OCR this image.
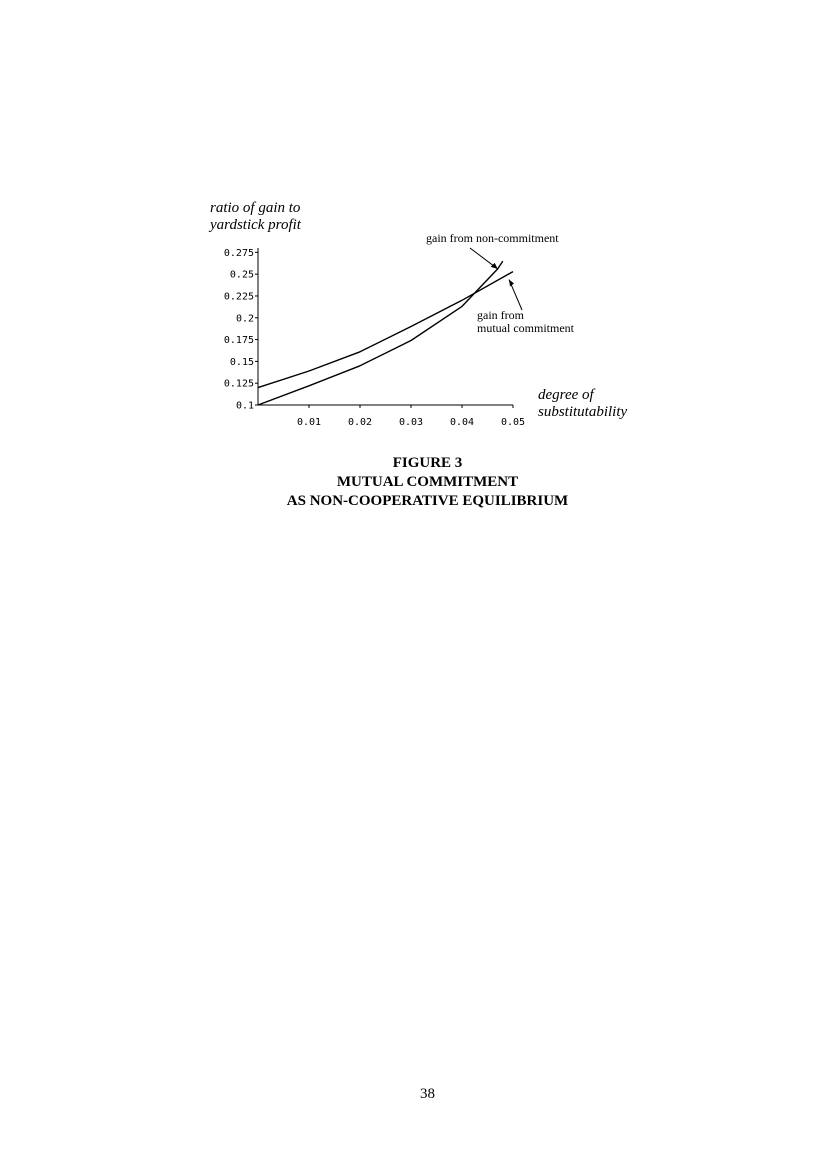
0.01	0.02	0.03	0.04	0.05
0.1
0.125
0.15
0.175
0.2
0.225
0.25
0.275
ratio of gain to
yardstick profit
degree of
substitutability
gain from non-commitment
gain from
mutual commitment
FIGURE 3
MUTUAL COMMITMENT
AS NON-COOPERATIVE EQUILIBRIUM
38
